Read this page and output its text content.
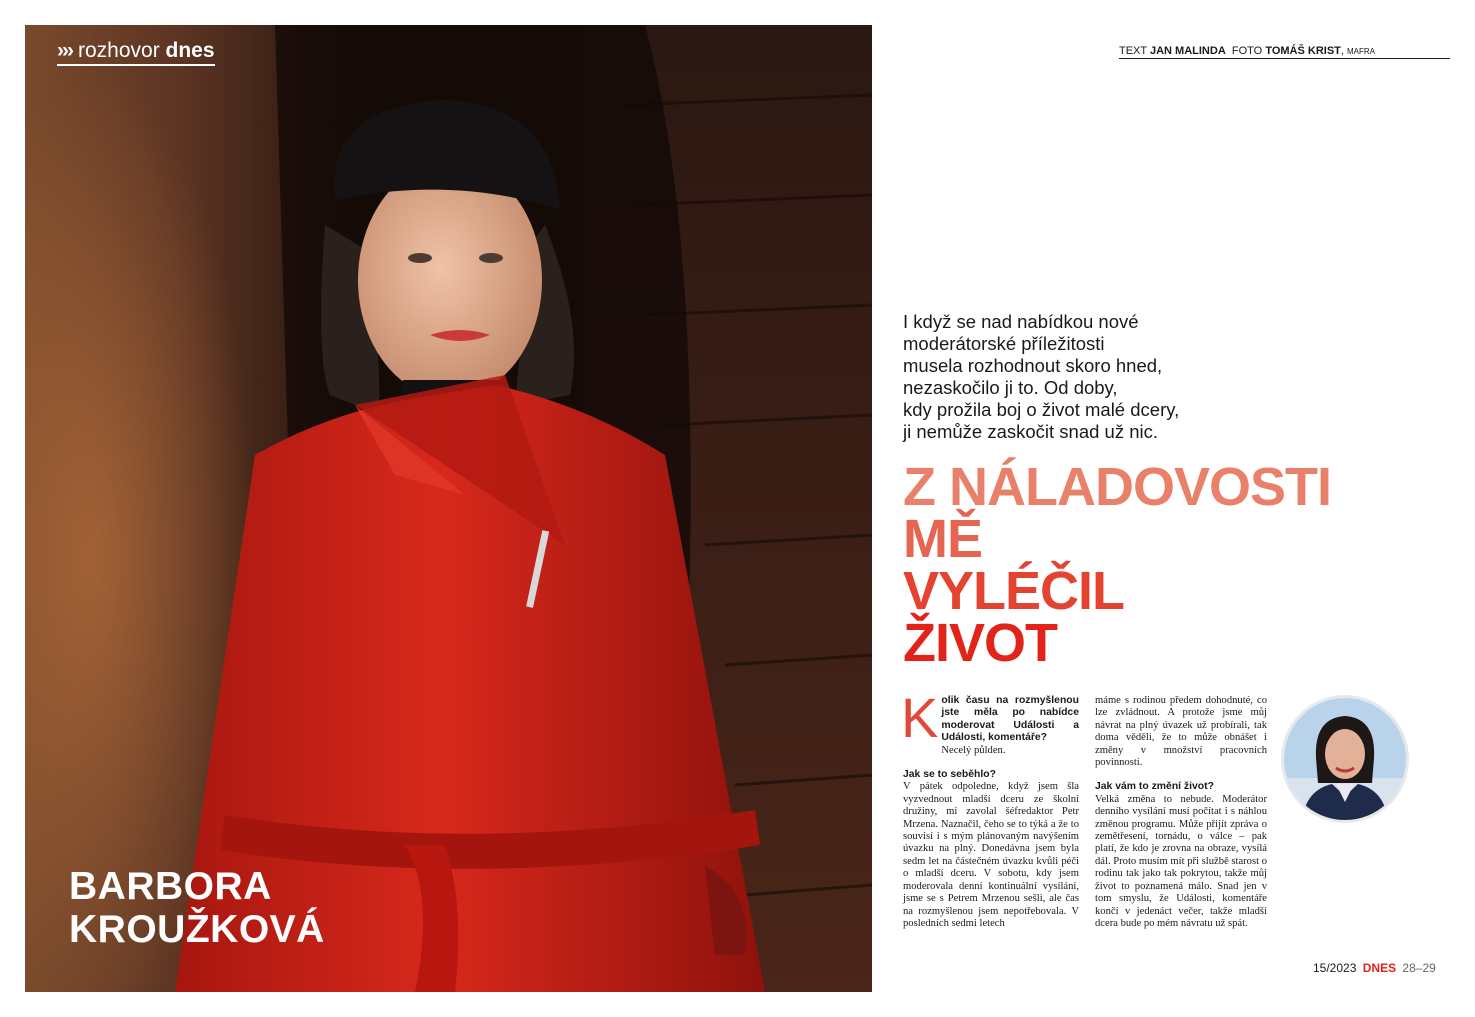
››› rozhovor dnes
BARBORA
KROUŽKOVÁ
TEXT JAN MALINDA FOTO TOMÁŠ KRIST, MAFRA
I když se nad nabídkou nové
moderátorské příležitosti
musela rozhodnout skoro hned,
nezaskočilo ji to. Od doby,
kdy prožila boj o život malé dcery,
ji nemůže zaskočit snad už nic.
Z NÁLADOVOSTI
MĚ
VYLÉČIL
ŽIVOT
K olik času na rozmyšlenou jste měla po nabídce moderovat Události a Události, komentáře?

Necelý půlden.

Jak se to seběhlo?

V pátek odpoledne, když jsem šla vyzvednout mladší dceru ze školní družiny, mi zavolal šéfredaktor Petr Mrzena. Naznačil, čeho se to týká a že to souvisí i s mým plánovaným navýšením úvazku na plný. Donedávna jsem byla sedm let na částečném úvazku kvůli péči o mladší dceru. V sobotu, kdy jsem moderovala denní kontinuální vysílání, jsme se s Petrem Mrzenou sešli, ale čas na rozmyšlenou jsem nepotřebovala. V posledních sedmi letech

máme s rodinou předem dohodnuté, co lze zvládnout. A protože jsme můj návrat na plný úvazek už probírali, tak doma věděli, že to může obnášet i změny v množství pracovních povinností.

Jak vám to změní život?

Velká změna to nebude. Moderátor denního vysílání musí počítat i s náhlou změnou programu. Může přijít zpráva o zemětřesení, tornádu, o válce – pak platí, že kdo je zrovna na obraze, vysílá dál. Proto musím mít při službě starost o rodinu tak jako tak pokrytou, takže můj život to poznamená málo. Snad jen v tom smyslu, že Události, komentáře končí v jedenáct večer, takže mladší dcera bude po mém návratu už spát.

15/2023 DNES 28–29
